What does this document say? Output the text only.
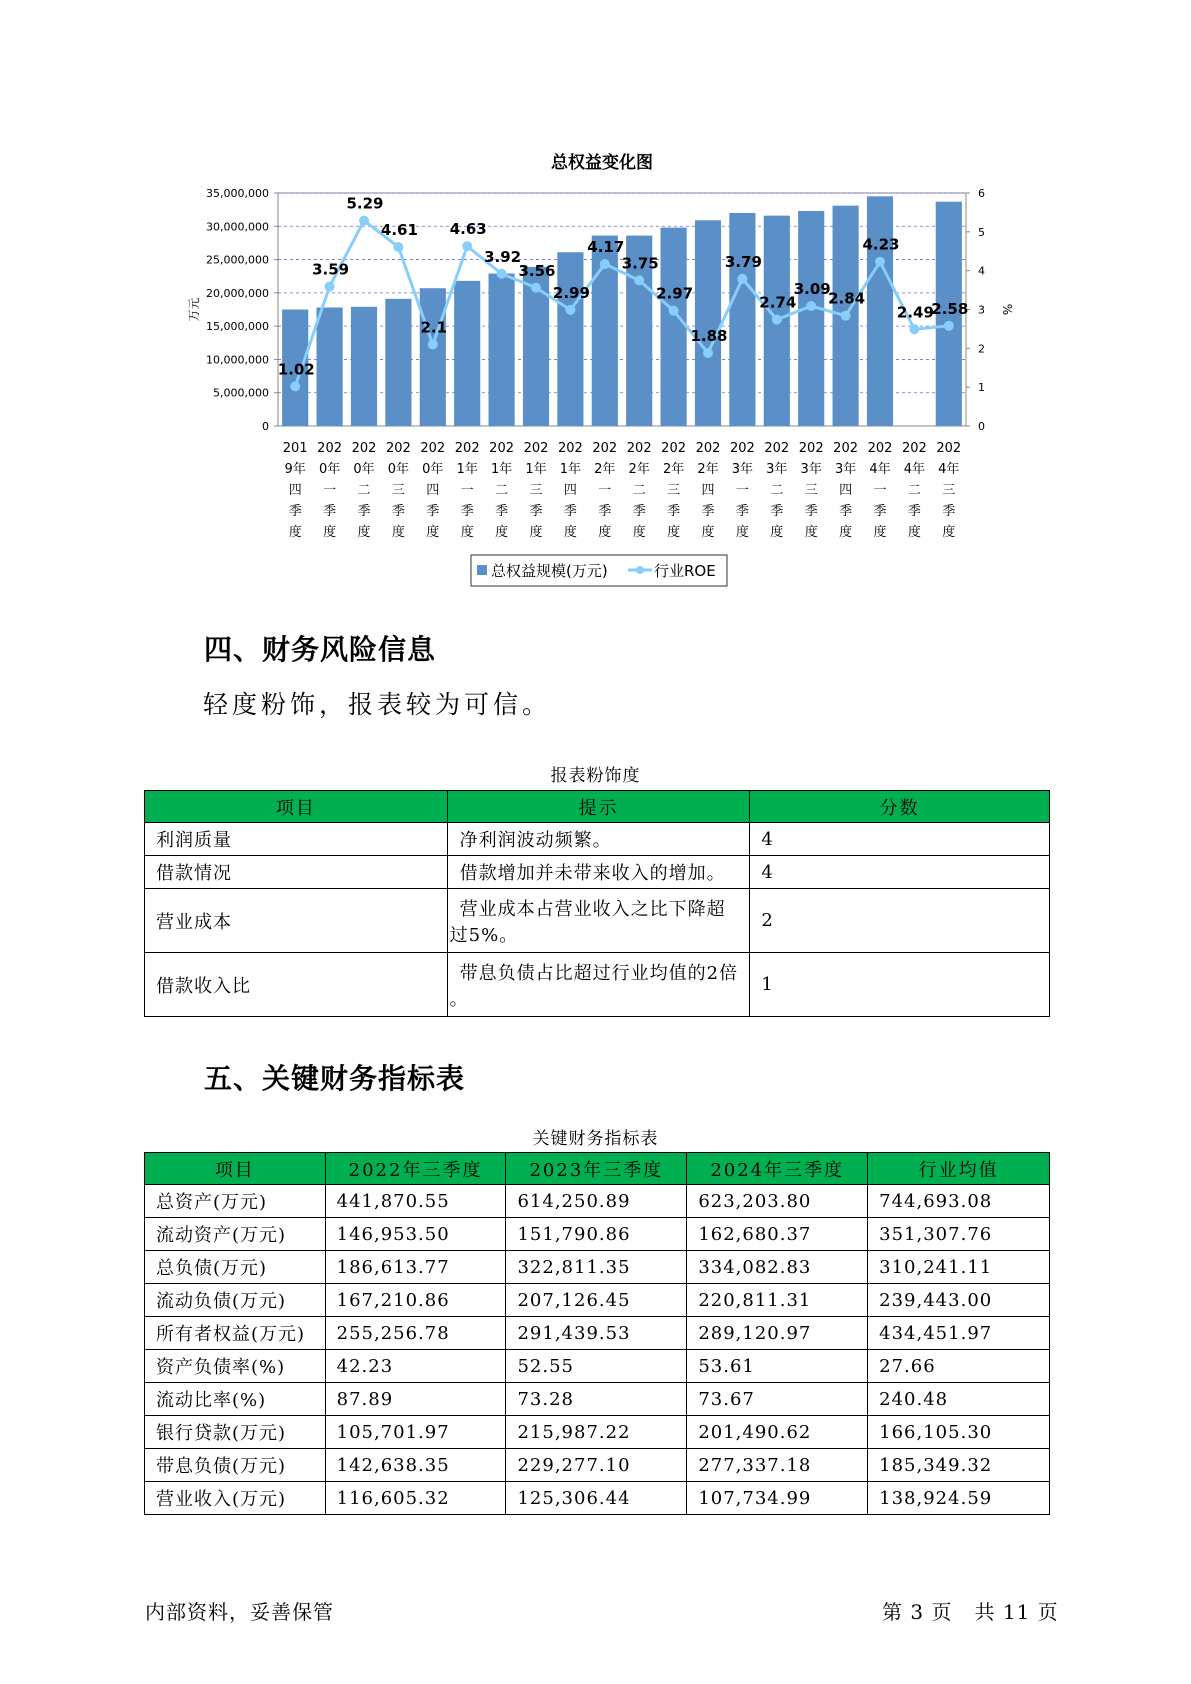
总权益变化图
0
5,000,000
10,000,000
15,000,000
20,000,000
25,000,000
30,000,000
35,000,000
0
1
2
3
4
5
6
万元	%
1.02
3.59
5.29
4.61
2.1
4.63
3.92
3.56
2.99
4.17
3.75
2.97
1.88
3.79
2.74
3.09
2.84
4.23
2.49
2.58
201 9年四季度
202 0年一季度
202 0年二季度
202 0年三季度
202 0年四季度
202 1年一季度
202 1年二季度
202 1年三季度
202 1年四季度
202 2年一季度
202 2年二季度
202 2年三季度
202 2年四季度
202 3年一季度
202 3年二季度
202 3年三季度
202 3年四季度
202 4年一季度
202 4年二季度
202 4年三季度
总权益规模(万元)	行业ROE
四、财务风险信息
轻度粉饰，报表较为可信。
报表粉饰度
项目	提示	分数
利润质量	净利润波动频繁。	4
借款情况	借款增加并未带来收入的增加。	4
营业成本	营业成本占营业收入之比下降超
过5%。	2
借款收入比	带息负债占比超过行业均值的2倍
。	1
五、关键财务指标表
关键财务指标表
项目	2022年三季度	2023年三季度	2024年三季度	行业均值
总资产(万元)	441,870.55	614,250.89	623,203.80	744,693.08
流动资产(万元)	146,953.50	151,790.86	162,680.37	351,307.76
总负债(万元)	186,613.77	322,811.35	334,082.83	310,241.11
流动负债(万元)	167,210.86	207,126.45	220,811.31	239,443.00
所有者权益(万元)	255,256.78	291,439.53	289,120.97	434,451.97
资产负债率(%)	42.23	52.55	53.61	27.66
流动比率(%)	87.89	73.28	73.67	240.48
银行贷款(万元)	105,701.97	215,987.22	201,490.62	166,105.30
带息负债(万元)	142,638.35	229,277.10	277,337.18	185,349.32
营业收入(万元)	116,605.32	125,306.44	107,734.99	138,924.59
内部资料，妥善保管	第 3 页   共 11 页
